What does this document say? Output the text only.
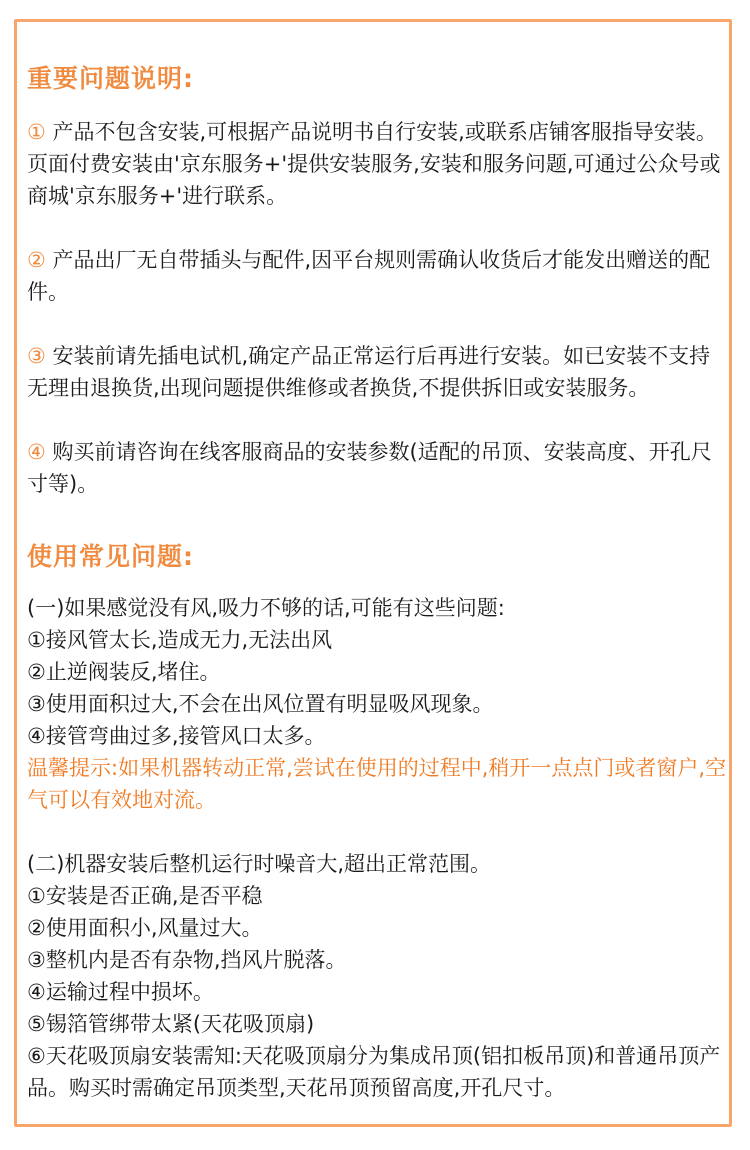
重要问题说明:

① 产品不包含安装,可根据产品说明书自行安装,或联系店铺客服指导安装。页面付费安装由'京东服务+'提供安装服务,安装和服务问题,可通过公众号或商城'京东服务+'进行联系。

② 产品出厂无自带插头与配件,因平台规则需确认收货后才能发出赠送的配件。

③ 安装前请先插电试机,确定产品正常运行后再进行安装。如已安装不支持无理由退换货,出现问题提供维修或者换货,不提供拆旧或安装服务。

④ 购买前请咨询在线客服商品的安装参数(适配的吊顶、安装高度、开孔尺寸等)。

使用常见问题:

(一)如果感觉没有风,吸力不够的话,可能有这些问题:

①接风管太长,造成无力,无法出风
②止逆阀装反,堵住。
③使用面积过大,不会在出风位置有明显吸风现象。
④接管弯曲过多,接管风口太多。

温馨提示:如果机器转动正常,尝试在使用的过程中,稍开一点点门或者窗户,空气可以有效地对流。

(二)机器安装后整机运行时噪音大,超出正常范围。

①安装是否正确,是否平稳
②使用面积小,风量过大。
③整机内是否有杂物,挡风片脱落。
④运输过程中损坏。
⑤锡箔管绑带太紧(天花吸顶扇)
⑥天花吸顶扇安装需知:天花吸顶扇分为集成吊顶(铝扣板吊顶)和普通吊顶产品。购买时需确定吊顶类型,天花吊顶预留高度,开孔尺寸。
